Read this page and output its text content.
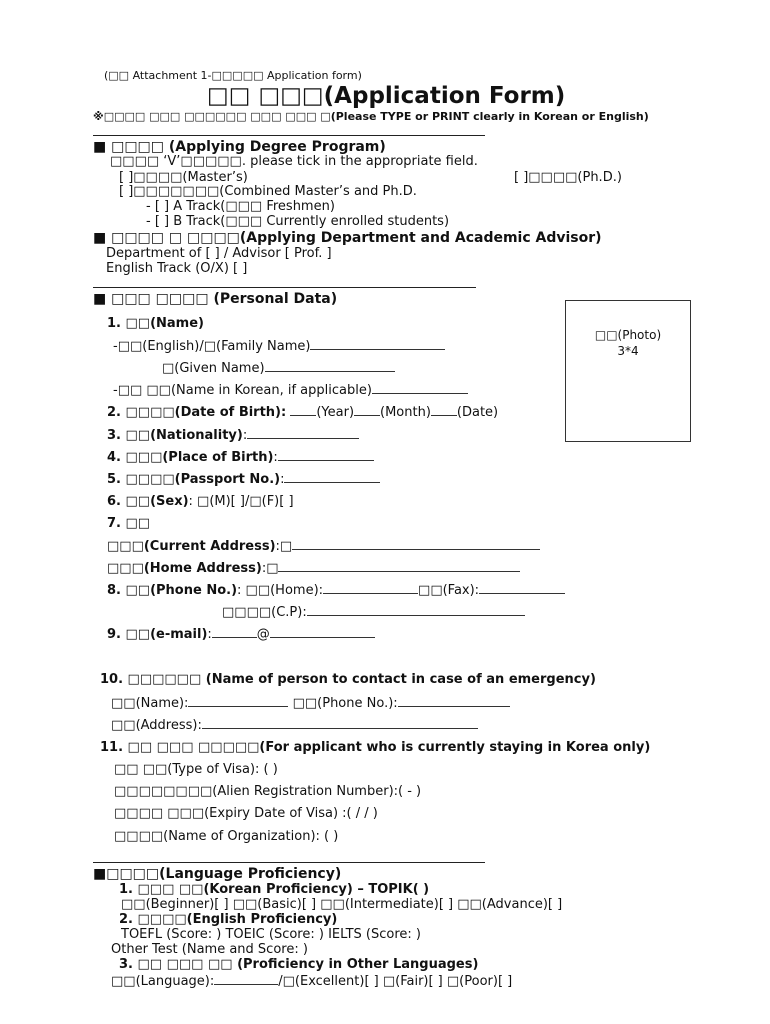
(□□ Attachment 1-□□□□□ Application form)
□□ □□□(Application Form)
※□□□□ □□□ □□□□□□ □□□ □□□ □(Please TYPE or PRINT clearly in Korean or English)
■ □□□□ (Applying Degree Program)
□□□□ ‘V’□□□□□. please tick in the appropriate field.
[ ]□□□□(Master’s)	[ ]□□□□(Ph.D.)
[ ]□□□□□□□(Combined Master’s and Ph.D.
- [ ] A Track(□□□ Freshmen)
- [ ] B Track(□□□ Currently enrolled students)
■ □□□□ □ □□□□(Applying Department and Academic Advisor)
Department of [ ] / Advisor [ Prof. ]
English Track (O/X) [ ]
■ □□□ □□□□ (Personal Data)
□□(Photo)
3*4
1. □□(Name)
-□□(English)/□(Family Name)
□(Given Name)
-□□ □□(Name in Korean, if applicable)
2. □□□□(Date of Birth): (Year) (Month) (Date)
3. □□(Nationality):
4. □□□(Place of Birth):
5. □□□□(Passport No.):
6. □□(Sex): □(M)[ ]/□(F)[ ]
7. □□
□□□(Current Address):□
□□□(Home Address):□
8. □□(Phone No.): □□(Home):	□□(Fax):
□□□□(C.P):
9. □□(e-mail):	@
10. □□□□□□ (Name of person to contact in case of an emergency)
□□(Name):	□□(Phone No.):
□□(Address):
11. □□ □□□ □□□□□(For applicant who is currently staying in Korea only)
□□ □□(Type of Visa): ( )
□□□□□□□□(Alien Registration Number):( - )
□□□□ □□□(Expiry Date of Visa) :( / / )
□□□□(Name of Organization): ( )
■□□□□(Language Proficiency)
1. □□□ □□(Korean Proficiency) – TOPIK( )
□□(Beginner)[ ] □□(Basic)[ ] □□(Intermediate)[ ] □□(Advance)[ ]
2. □□□□(English Proficiency)
TOEFL (Score: ) TOEIC (Score: ) IELTS (Score: )
Other Test (Name and Score: )
3. □□ □□□ □□ (Proficiency in Other Languages)
□□(Language):	/□(Excellent)[ ] □(Fair)[ ] □(Poor)[ ]
